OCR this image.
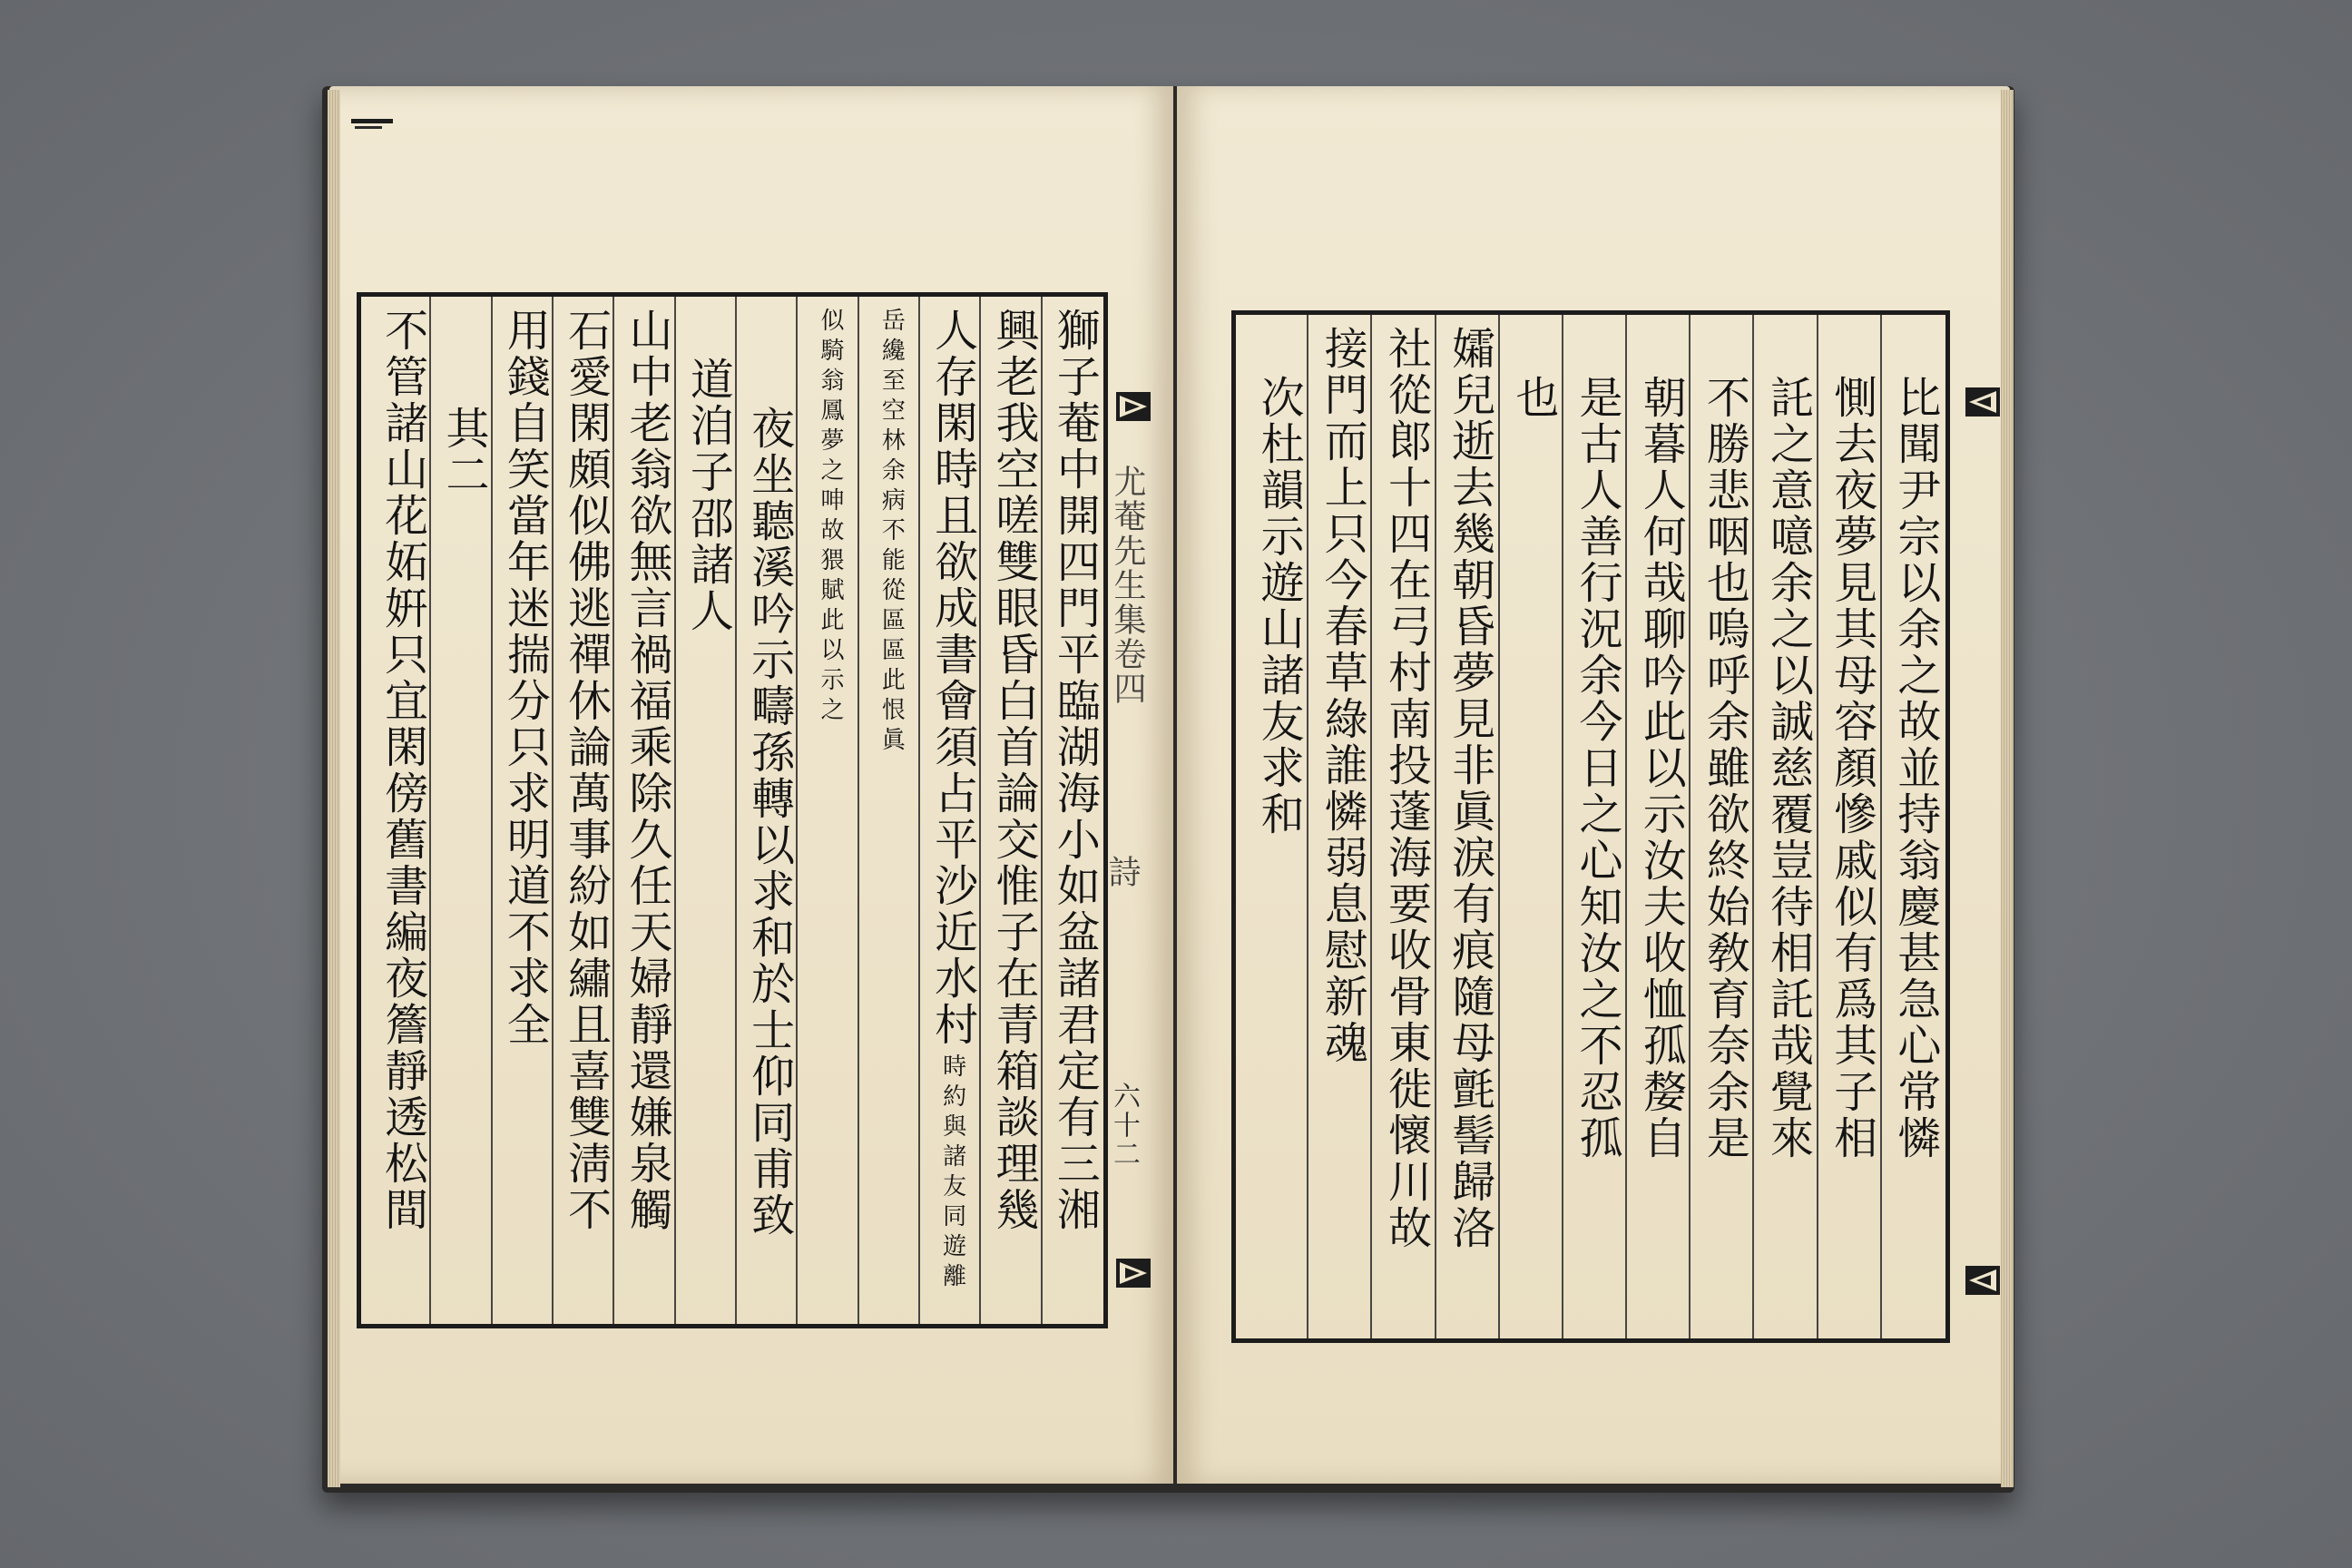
獅子菴中開四門平臨湖海小如盆諸君定有三湘
興老我空嗟雙眼昏白首論交惟子在青箱談理幾
人存閑時且欲成書會須占平沙近水村
時約與諸友同遊離
岳纔至空林余病不能從區區此恨眞
似騎翁鳳夢之呻故猥賦此以示之
夜坐聽溪吟示疇孫轉以求和於士仰同甫致
道洎子邵諸人
山中老翁欲無言禍福乘除久任天婦靜還嫌泉觸
石愛閑頗似佛逃禪休論萬事紛如繡且喜雙淸不
用錢自笑當年迷揣分只求明道不求全
其二
不管諸山花妬姸只宜閑傍舊書編夜簷靜透松間	尤菴先生集卷四
詩
六十二	比聞尹宗以余之故並持翁慶甚急心常憐
惻去夜夢見其母容顏慘戚似有爲其子相
託之意噫余之以誠慈覆豈待相託哉覺來
不勝悲咽也嗚呼余雖欲終始敎育奈余是
朝暮人何哉聊吟此以示汝夫收恤孤嫠自
是古人善行況余今日之心知汝之不忍孤
也
孀兒逝去幾朝昏夢見非眞淚有痕隨母氈髻歸洛
社從郞十四在弓村南投蓬海要收骨東徙懷川故
接門而上只今春草綠誰憐弱息慰新魂
次杜韻示遊山諸友求和
